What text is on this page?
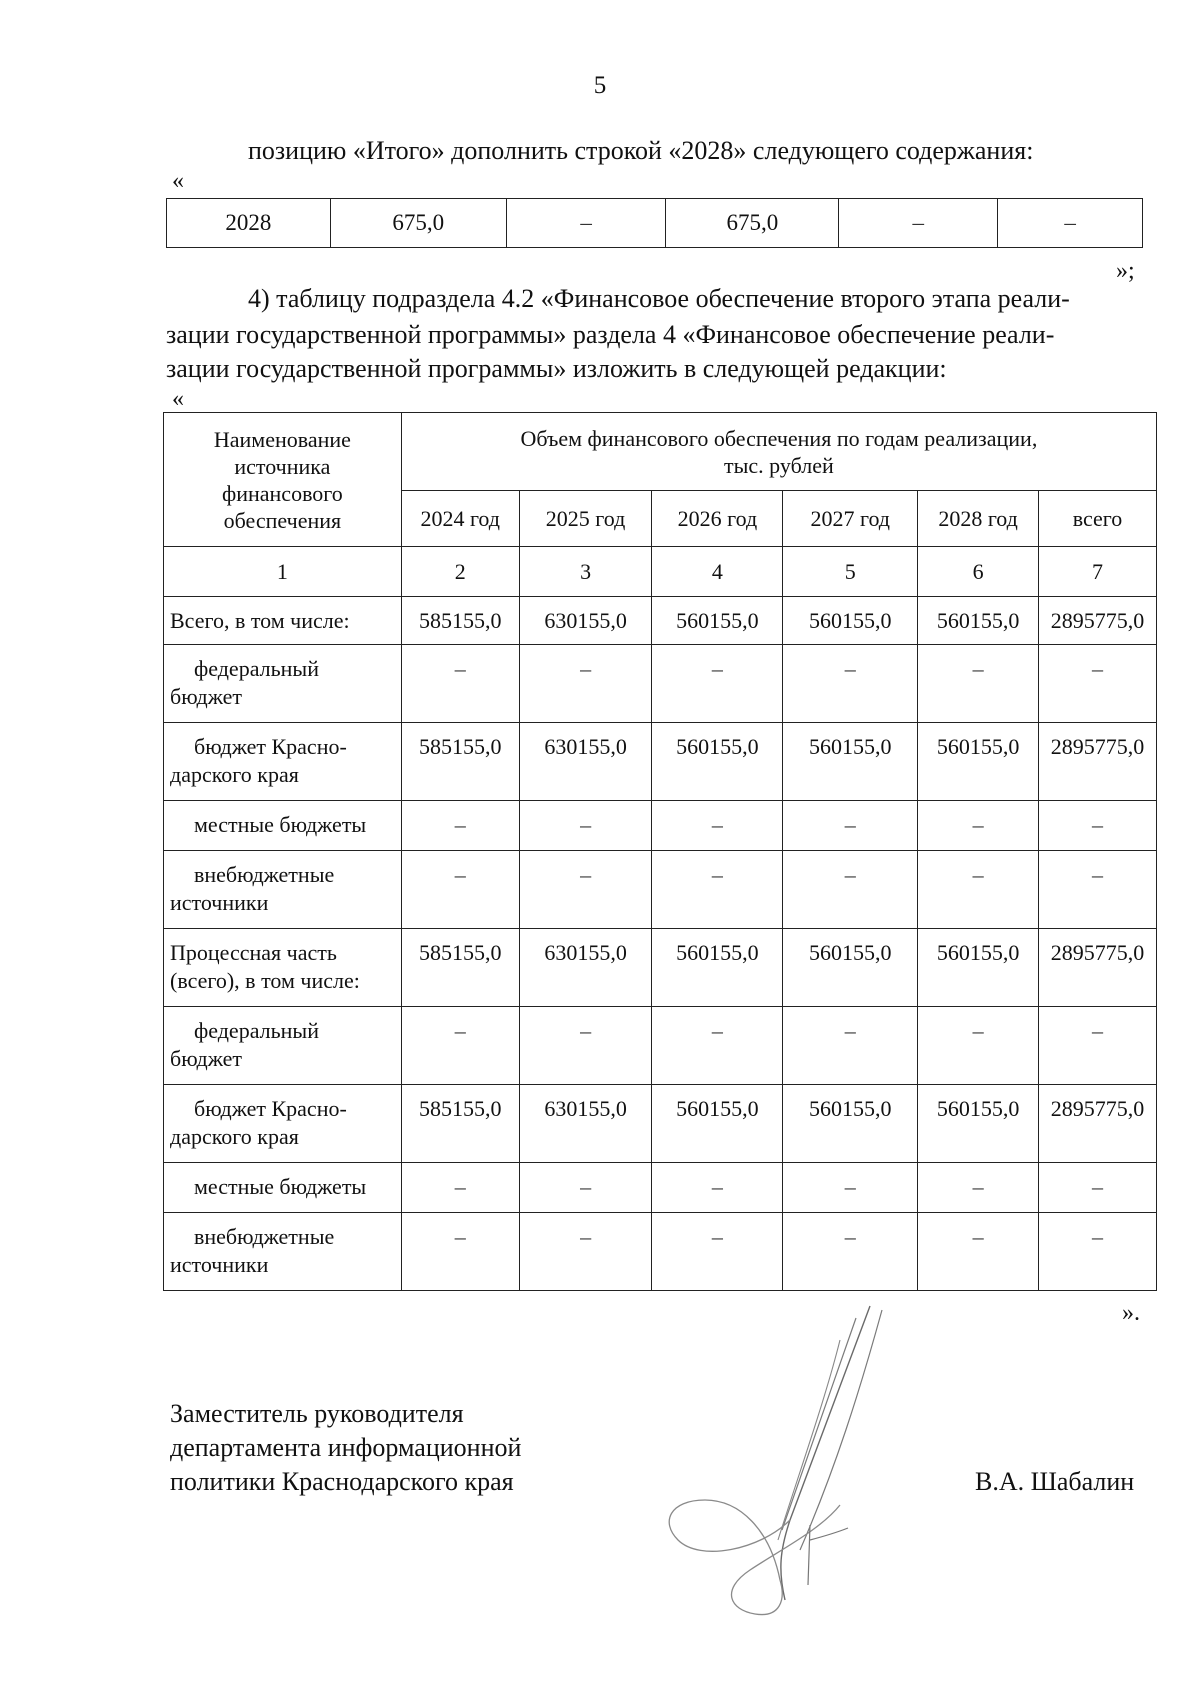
5
позицию «Итого» дополнить строкой «2028» следующего содержания:
«
2028	675,0	–	675,0	–	–
»;
4) таблицу подраздела 4.2 «Финансовое обеспечение второго этапа реали-
зации государственной программы» раздела 4 «Финансовое обеспечение реали-
зации государственной программы» изложить в следующей редакции:
«
Наименование источника финансового обеспечения	Объем финансового обеспечения по годам реализации,
тыс. рублей					

	2024 год	2025 год	2026 год	2027 год	2028 год	всего
1	2	3	4	5	6	7
Всего, в том числе:	585155,0	630155,0	560155,0	560155,0	560155,0	2895775,0

федеральный
бюджет	–	–	–	–	–	–

бюджет Красно-
дарского края	585155,0	630155,0	560155,0	560155,0	560155,0	2895775,0
местные бюджеты	–	–	–	–	–	–

внебюджетные
источники	–	–	–	–	–	–

Процессная часть
(всего), в том числе:	585155,0	630155,0	560155,0	560155,0	560155,0	2895775,0

федеральный
бюджет	–	–	–	–	–	–

бюджет Красно-
дарского края	585155,0	630155,0	560155,0	560155,0	560155,0	2895775,0
местные бюджеты	–	–	–	–	–	–

внебюджетные
источники	–	–	–	–	–	–
».
Заместитель руководителя
департамента информационной
политики Краснодарского края	В.А. Шабалин
